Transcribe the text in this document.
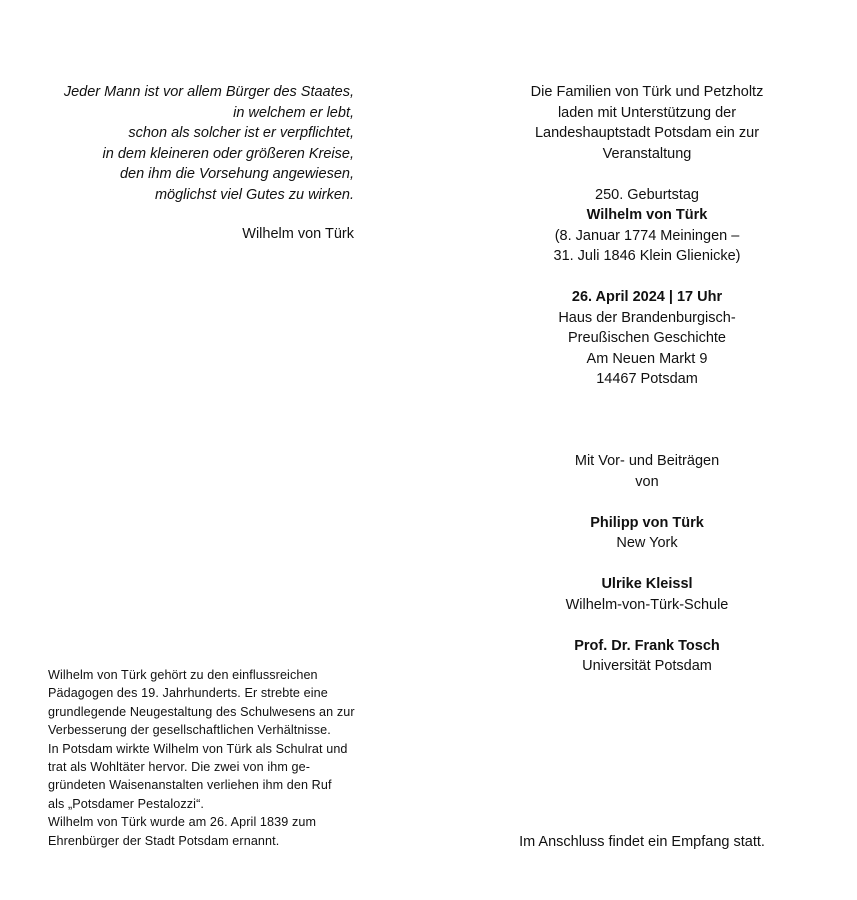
Jeder Mann ist vor allem Bürger des Staates,
in welchem er lebt,
schon als solcher ist er verpflichtet,
in dem kleineren oder größeren Kreise,
den ihm die Vorsehung angewiesen,
möglichst viel Gutes zu wirken.
Wilhelm von Türk
Wilhelm von Türk gehört zu den einflussreichen
Pädagogen des 19. Jahrhunderts. Er strebte eine
grundlegende Neugestaltung des Schulwesens an zur
Verbesserung der gesellschaftlichen Verhältnisse.
In Potsdam wirkte Wilhelm von Türk als Schulrat und
trat als Wohltäter hervor. Die zwei von ihm ge-
gründeten Waisenanstalten verliehen ihm den Ruf
als „Potsdamer Pestalozzi“.
Wilhelm von Türk wurde am 26. April 1839 zum
Ehrenbürger der Stadt Potsdam ernannt.
Die Familien von Türk und Petzholtz
laden mit Unterstützung der
Landeshauptstadt Potsdam ein zur
Veranstaltung
250. Geburtstag
Wilhelm von Türk
(8. Januar 1774 Meiningen –
31. Juli 1846 Klein Glienicke)
26. April 2024 | 17 Uhr
Haus der Brandenburgisch-
Preußischen Geschichte
Am Neuen Markt 9
14467 Potsdam
Mit Vor- und Beiträgen
von
Philipp von Türk
New York
Ulrike Kleissl
Wilhelm-von-Türk-Schule
Prof. Dr. Frank Tosch
Universität Potsdam
Im Anschluss findet ein Empfang statt.
